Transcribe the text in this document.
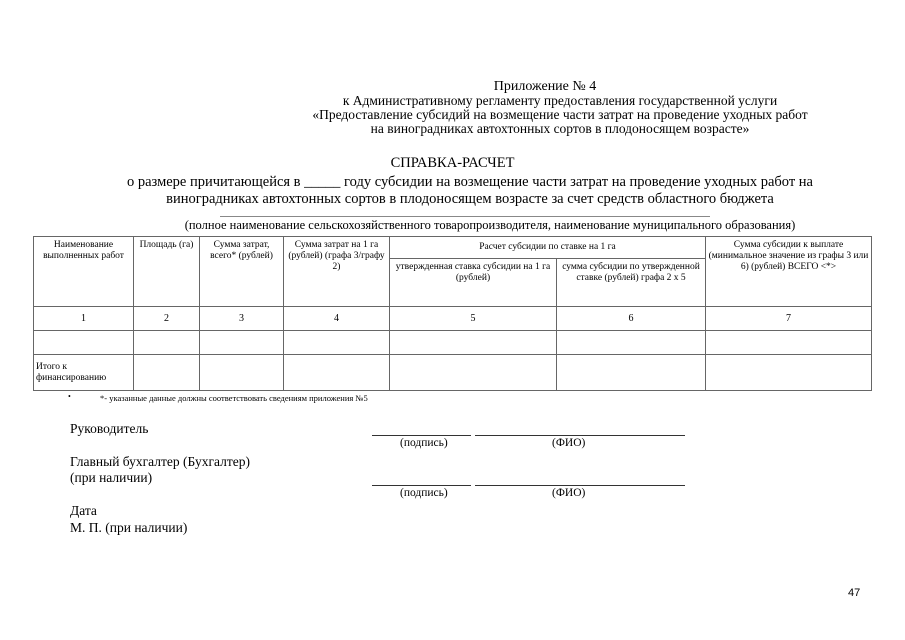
Приложение № 4
к Административному регламенту предоставления государственной услуги
«Предоставление субсидий на возмещение части затрат на проведение уходных работ
на виноградниках автохтонных сортов в плодоносящем возрасте»
СПРАВКА-РАСЧЕТ
о размере причитающейся в _____ году субсидии на возмещение части затрат на проведение уходных работ на
виноградниках автохтонных сортов в плодоносящем возрасте за счет средств областного бюджета
(полное наименование сельскохозяйственного товаропроизводителя, наименование муниципального образования)
Наименование выполненных работ	Площадь (га)	Сумма затрат, всего* (рублей)	Сумма затрат на 1 га (рублей) (графа 3/графу 2)	Расчет субсидии по ставке на 1 га		Сумма субсидии к выплате (минимальное значение из графы 3 или 6) (рублей) ВСЕГО <*>
				утвержденная ставка субсидии на 1 га (рублей)	сумма субсидии по утвержденной ставке (рублей) графа 2 х 5	
1	2	3	4	5	6	7

Итого к финансированию						
•	*- указанные данные должны соответствовать сведениям приложения №5
Руководитель
(подпись)	(ФИО)
Главный бухгалтер (Бухгалтер)
(при наличии)
(подпись)	(ФИО)
Дата
М. П. (при наличии)
47
